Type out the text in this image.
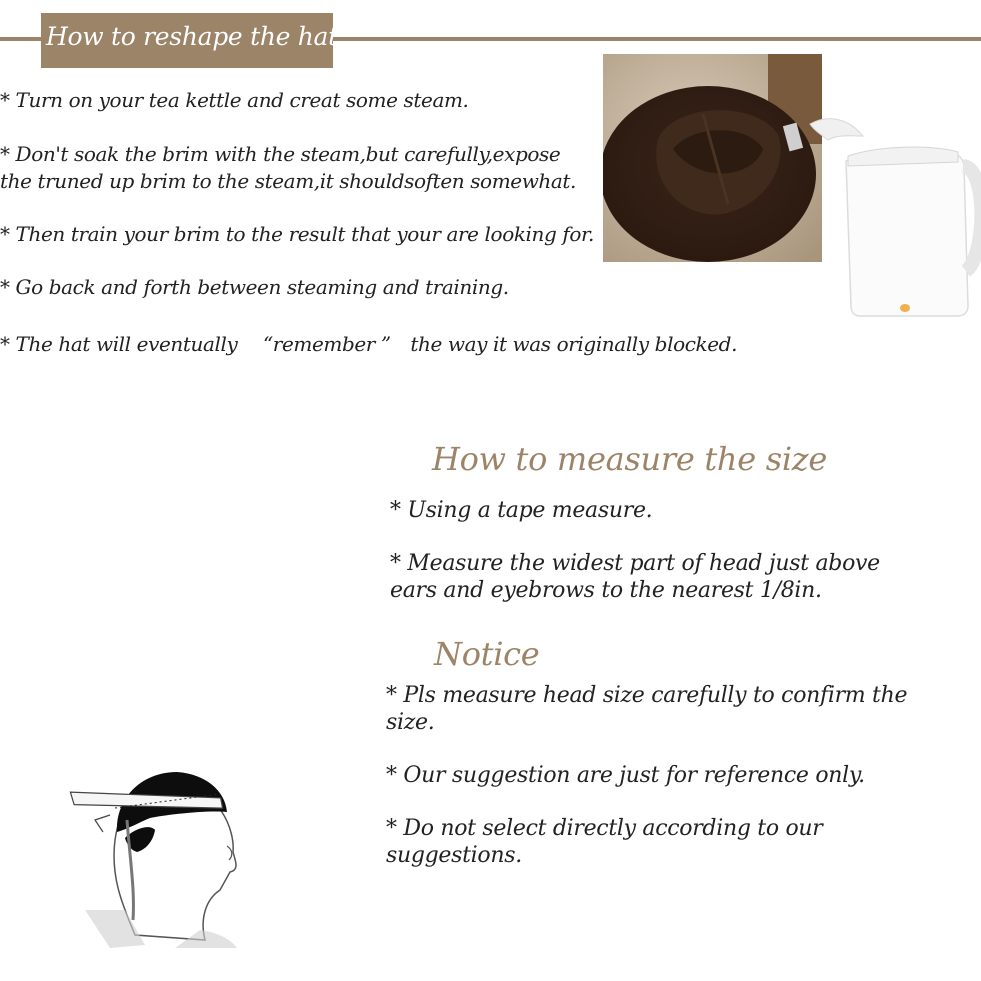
How to reshape the hat
* Turn on your tea kettle and creat some steam.
* Don't soak the brim with the steam,but carefully,expose
the truned up brim to the steam,it shouldsoften somewhat.
* Then train your brim to the result that your are looking for.
* Go back and forth between steaming and training.
* The hat will eventually 　“remember ”　the way it was originally blocked.
How to measure the size
* Using a tape measure.
* Measure the widest part of head just above
ears and eyebrows to the nearest 1/8in.
Notice
* Pls measure head size carefully to confirm the
size.
* Our suggestion are just for reference only.
* Do not select directly according to our
suggestions.
